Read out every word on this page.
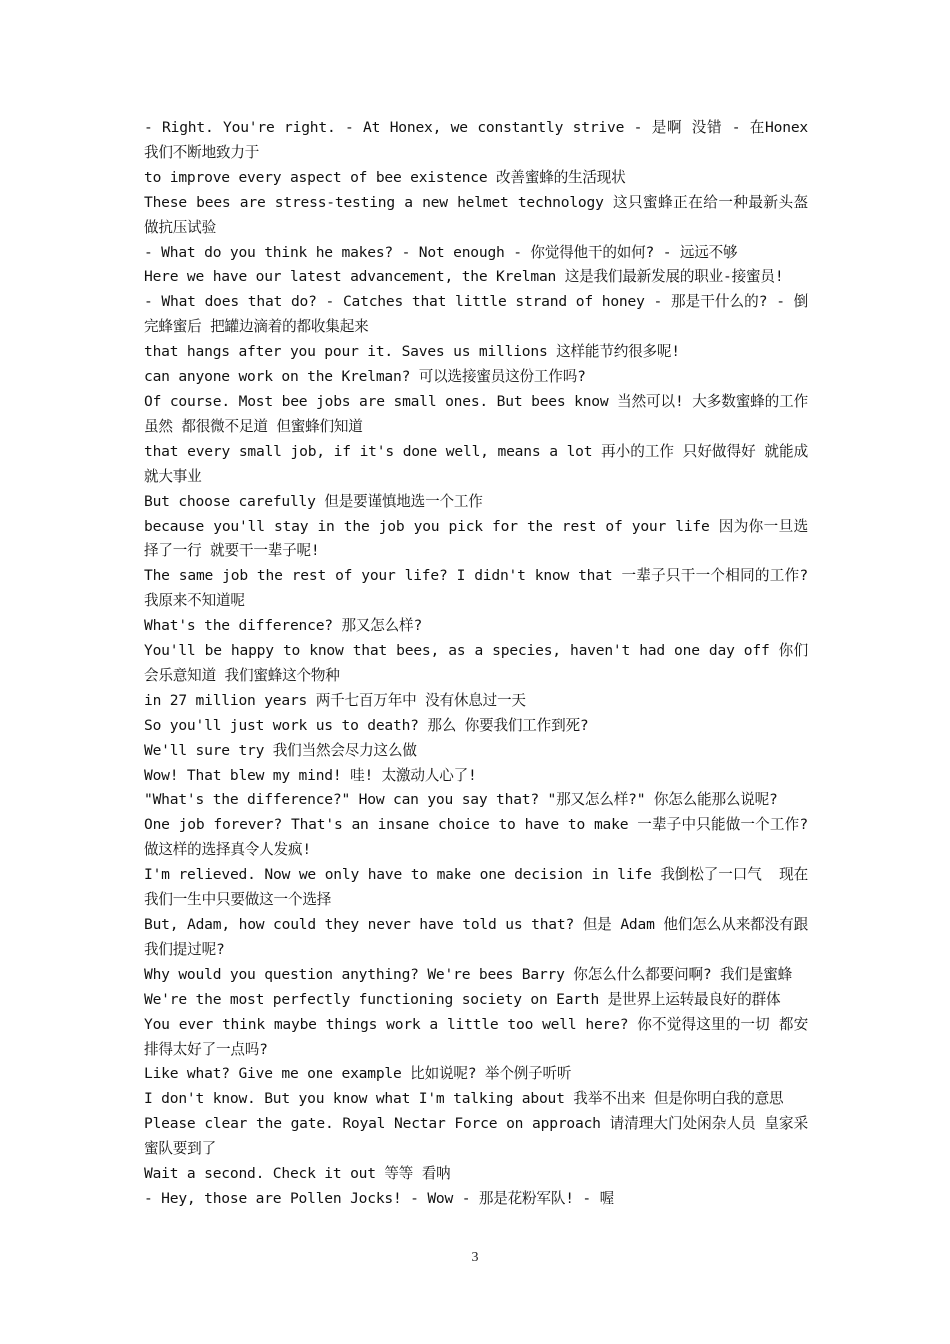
- Right. You're right. - At Honex, we constantly strive - 是啊 没错 - 在Honex 我们不断地致力于
to improve every aspect of bee existence 改善蜜蜂的生活现状
These bees are stress-testing a new helmet technology 这只蜜蜂正在给一种最新头盔做抗压试验
- What do you think he makes? - Not enough - 你觉得他干的如何? - 远远不够
Here we have our latest advancement, the Krelman 这是我们最新发展的职业-接蜜员!
- What does that do? - Catches that little strand of honey - 那是干什么的? - 倒完蜂蜜后 把罐边滴着的都收集起来
that hangs after you pour it. Saves us millions 这样能节约很多呢!
can anyone work on the Krelman? 可以选接蜜员这份工作吗?
Of course. Most bee jobs are small ones. But bees know 当然可以! 大多数蜜蜂的工作虽然 都很微不足道 但蜜蜂们知道
that every small job, if it's done well, means a lot 再小的工作 只好做得好 就能成就大事业
But choose carefully 但是要谨慎地选一个工作
because you'll stay in the job you pick for the rest of your life 因为你一旦选择了一行 就要干一辈子呢!
The same job the rest of your life? I didn't know that 一辈子只干一个相同的工作? 我原来不知道呢
What's the difference? 那又怎么样?
You'll be happy to know that bees, as a species, haven't had one day off 你们会乐意知道 我们蜜蜂这个物种
in 27 million years 两千七百万年中 没有休息过一天
So you'll just work us to death? 那么 你要我们工作到死?
We'll sure try 我们当然会尽力这么做
Wow! That blew my mind! 哇! 太激动人心了!
"What's the difference?" How can you say that? "那又怎么样?" 你怎么能那么说呢?
One job forever? That's an insane choice to have to make 一辈子中只能做一个工作? 做这样的选择真令人发疯!
I'm relieved. Now we only have to make one decision in life 我倒松了一口气  现在我们一生中只要做这一个选择
But, Adam, how could they never have told us that? 但是 Adam 他们怎么从来都没有跟我们提过呢?
Why would you question anything? We're bees Barry 你怎么什么都要问啊? 我们是蜜蜂
We're the most perfectly functioning society on Earth 是世界上运转最良好的群体
You ever think maybe things work a little too well here? 你不觉得这里的一切 都安排得太好了一点吗?
Like what? Give me one example 比如说呢? 举个例子听听
I don't know. But you know what I'm talking about 我举不出来 但是你明白我的意思
Please clear the gate. Royal Nectar Force on approach 请清理大门处闲杂人员 皇家采蜜队要到了
Wait a second. Check it out 等等 看呐
- Hey, those are Pollen Jocks! - Wow - 那是花粉军队! - 喔
3
